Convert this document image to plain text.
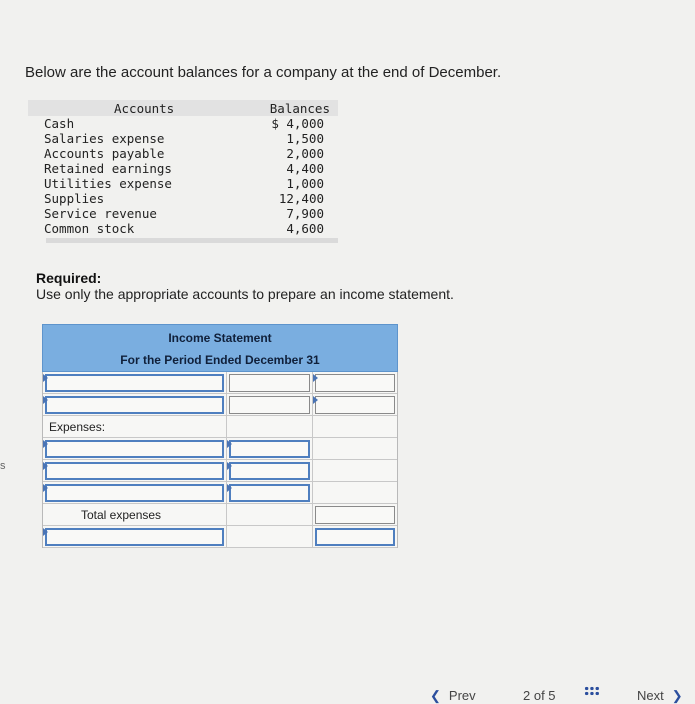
s
Below are the account balances for a company at the end of December.
Accounts	Balances
Cash	$ 4,000
Salaries expense	1,500
Accounts payable	2,000
Retained earnings	4,400
Utilities expense	1,000
Supplies	12,400
Service revenue	7,900
Common stock	4,600
Required:
Use only the appropriate accounts to prepare an income statement.
Income Statement
For the Period Ended December 31
Expenses:
Total expenses
❮ Prev	2 of 5	Next ❯
